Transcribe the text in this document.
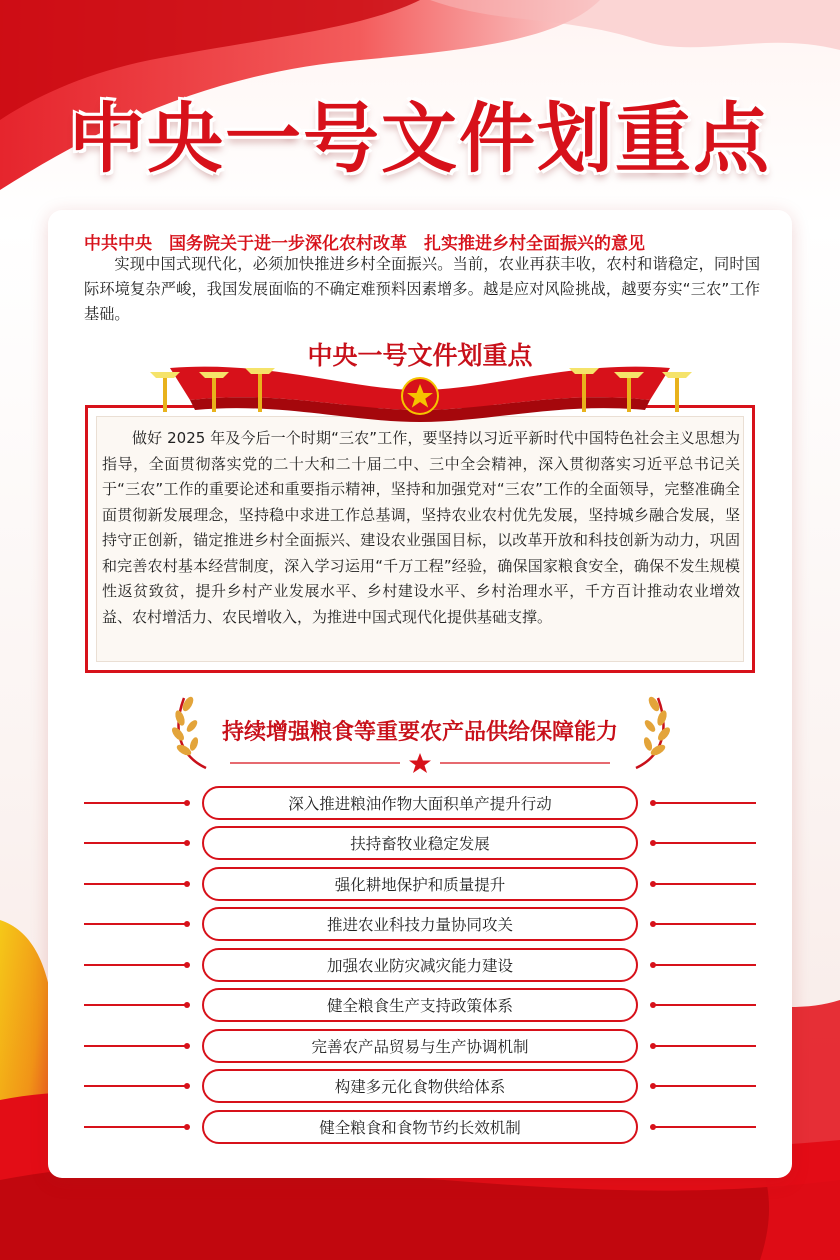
中央一号文件划重点
中共中央　国务院关于进一步深化农村改革　扎实推进乡村全面振兴的意见
实现中国式现代化，必须加快推进乡村全面振兴。当前，农业再获丰收，农村和谐稳定，同时国际环境复杂严峻，我国发展面临的不确定难预料因素增多。越是应对风险挑战，越要夯实“三农”工作基础。
中央一号文件划重点
做好 2025 年及今后一个时期“三农”工作，要坚持以习近平新时代中国特色社会主义思想为指导，全面贯彻落实党的二十大和二十届二中、三中全会精神，深入贯彻落实习近平总书记关于“三农”工作的重要论述和重要指示精神，坚持和加强党对“三农”工作的全面领导，完整准确全面贯彻新发展理念，坚持稳中求进工作总基调，坚持农业农村优先发展，坚持城乡融合发展，坚持守正创新，锚定推进乡村全面振兴、建设农业强国目标，以改革开放和科技创新为动力，巩固和完善农村基本经营制度，深入学习运用“千万工程”经验，确保国家粮食安全，确保不发生规模性返贫致贫，提升乡村产业发展水平、乡村建设水平、乡村治理水平，千方百计推动农业增效益、农村增活力、农民增收入，为推进中国式现代化提供基础支撑。
持续增强粮食等重要农产品供给保障能力
深入推进粮油作物大面积单产提升行动
扶持畜牧业稳定发展
强化耕地保护和质量提升
推进农业科技力量协同攻关
加强农业防灾减灾能力建设
健全粮食生产支持政策体系
完善农产品贸易与生产协调机制
构建多元化食物供给体系
健全粮食和食物节约长效机制
